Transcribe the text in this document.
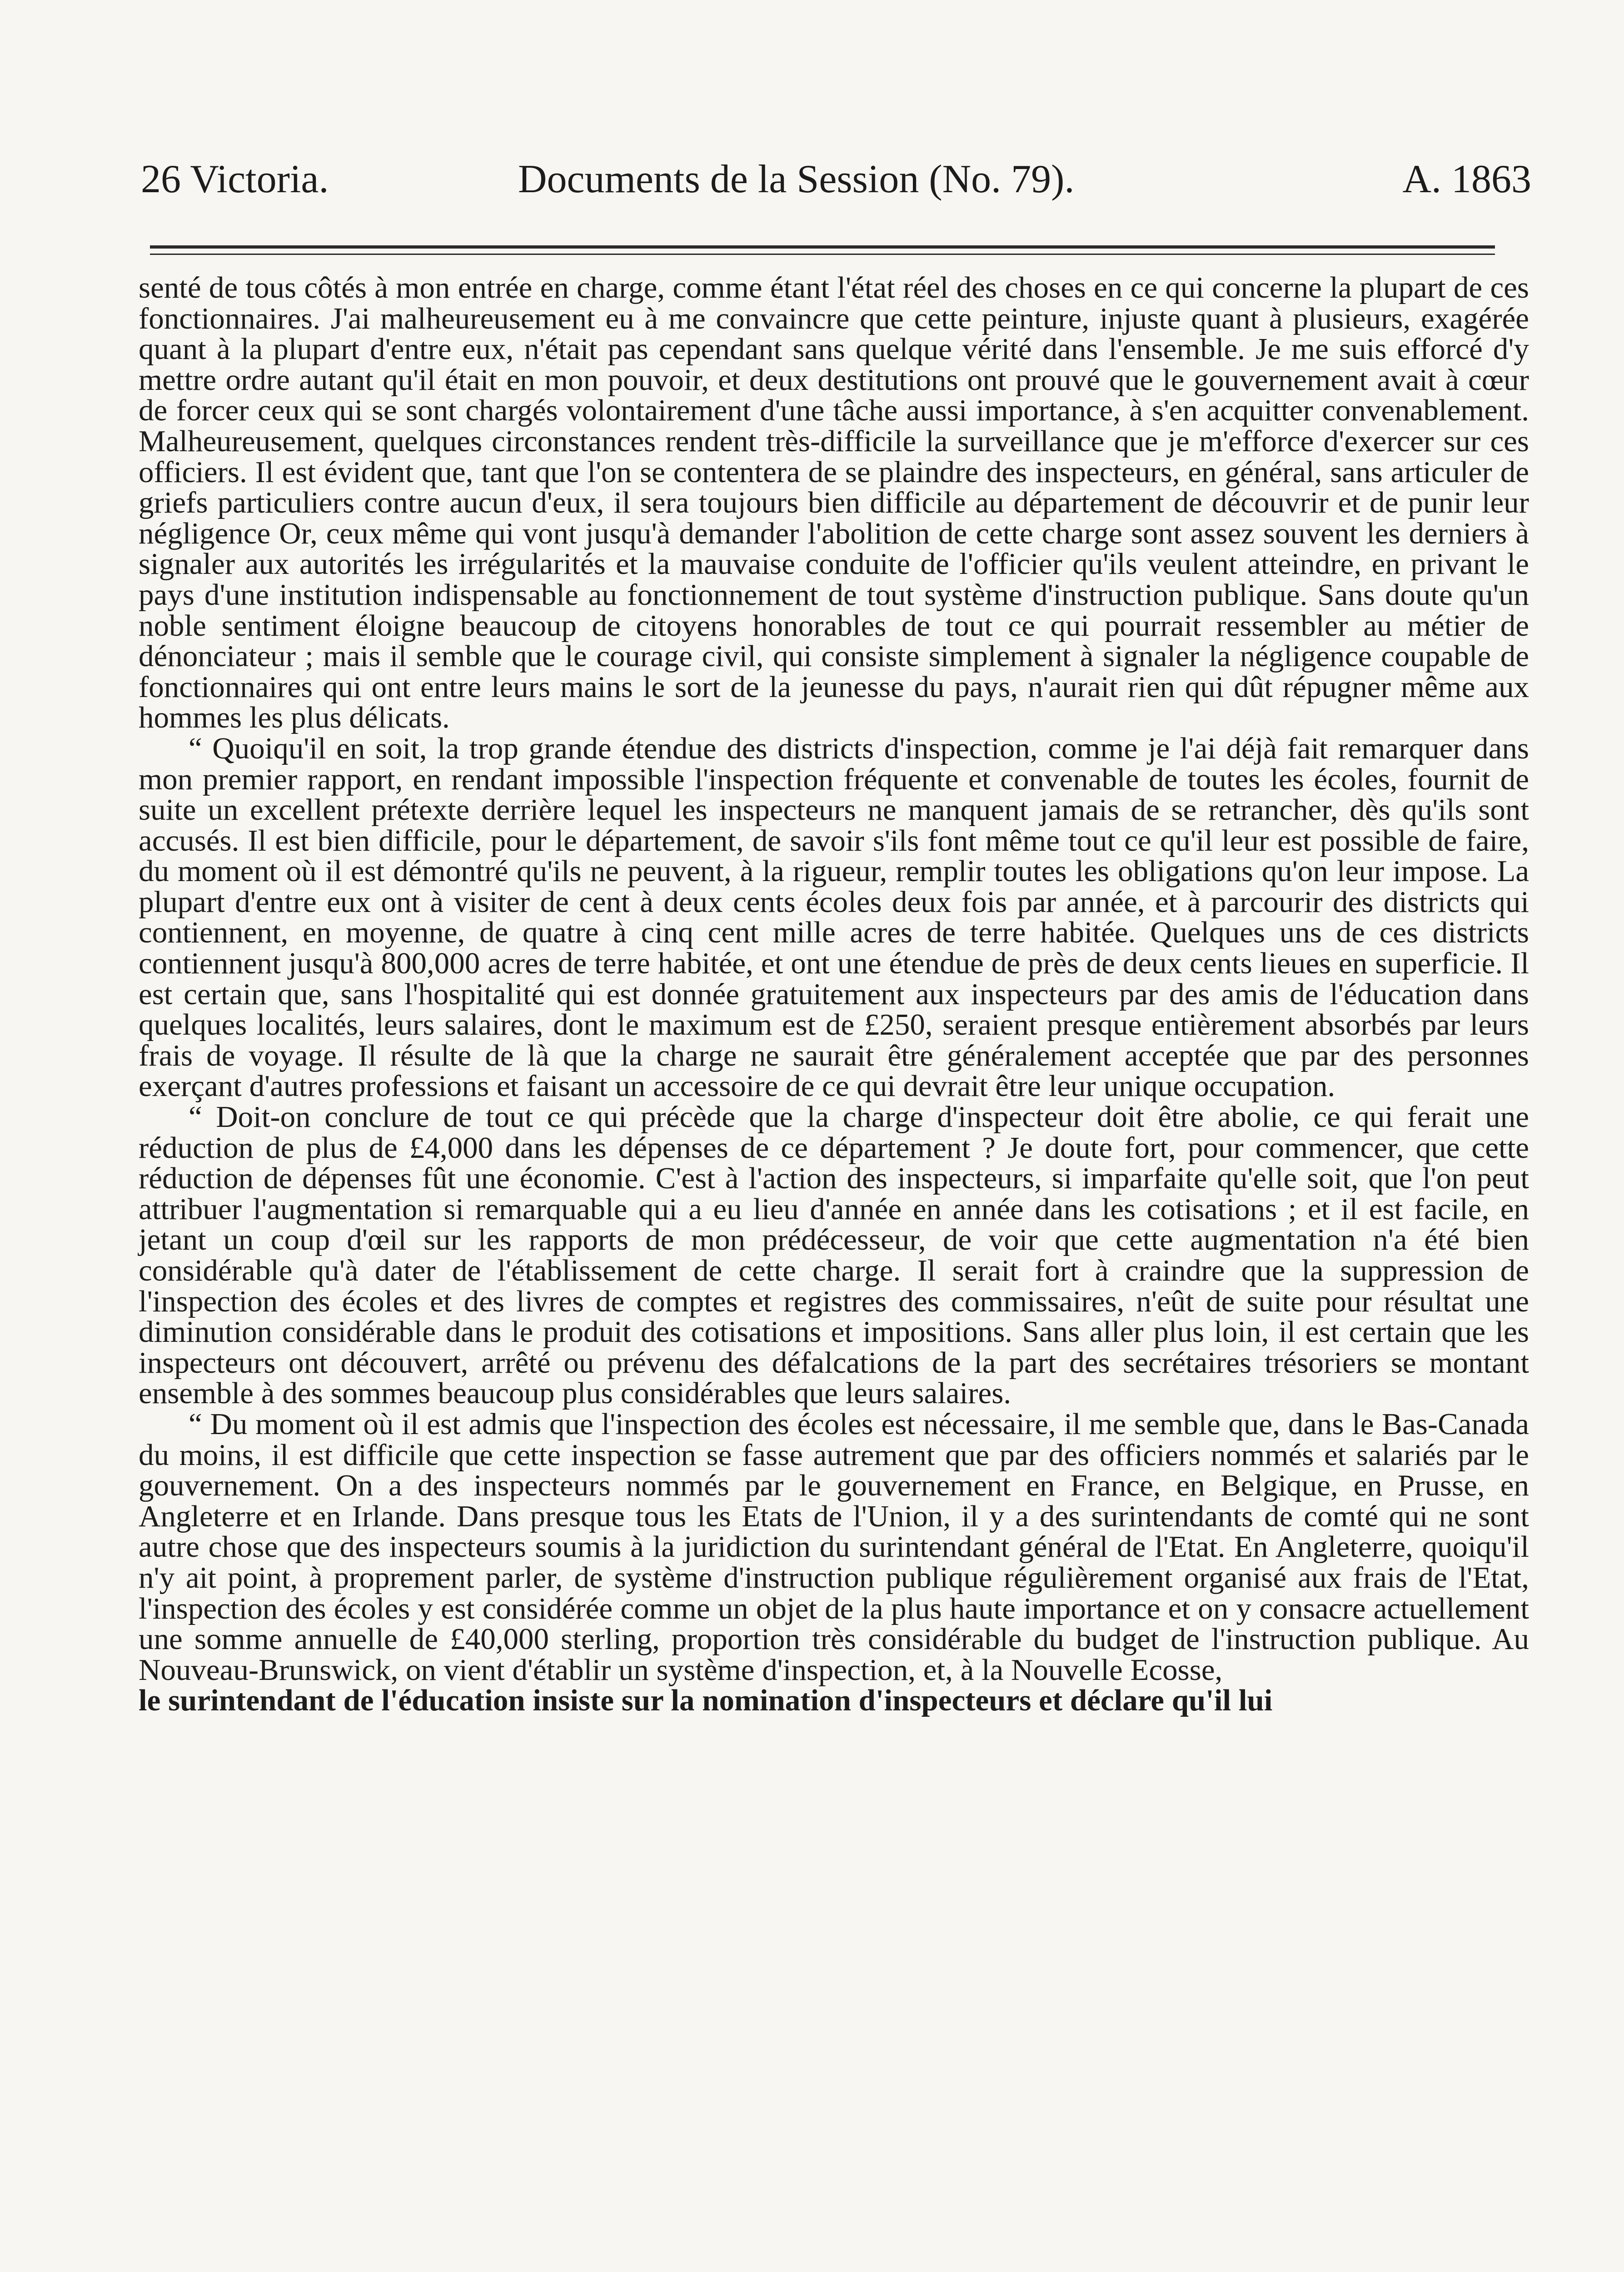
26 Victoria.	Documents de la Session (No. 79).	A. 1863

senté de tous côtés à mon entrée en charge, comme étant l'état réel des choses en ce qui concerne la plupart de ces fonctionnaires. J'ai malheureusement eu à me convaincre que cette peinture, injuste quant à plusieurs, exagérée quant à la plupart d'entre eux, n'était pas cependant sans quelque vérité dans l'ensemble. Je me suis efforcé d'y mettre ordre autant qu'il était en mon pouvoir, et deux destitutions ont prouvé que le gouvernement avait à cœur de forcer ceux qui se sont chargés volontairement d'une tâche aussi importance, à s'en acquitter convenablement. Malheureusement, quelques circonstances rendent très-difficile la surveillance que je m'efforce d'exercer sur ces officiers. Il est évident que, tant que l'on se contentera de se plaindre des inspecteurs, en général, sans articuler de griefs particuliers contre aucun d'eux, il sera toujours bien difficile au département de découvrir et de punir leur négligence Or, ceux même qui vont jusqu'à demander l'abolition de cette charge sont assez souvent les derniers à signaler aux autorités les irrégularités et la mauvaise conduite de l'officier qu'ils veulent atteindre, en privant le pays d'une institution indispensable au fonctionnement de tout système d'instruction publique. Sans doute qu'un noble sentiment éloigne beaucoup de citoyens honorables de tout ce qui pourrait ressembler au métier de dénonciateur ; mais il semble que le courage civil, qui consiste simplement à signaler la négligence coupable de fonctionnaires qui ont entre leurs mains le sort de la jeunesse du pays, n'aurait rien qui dût répugner même aux hommes les plus délicats.

“ Quoiqu'il en soit, la trop grande étendue des districts d'inspection, comme je l'ai déjà fait remarquer dans mon premier rapport, en rendant impossible l'inspection fréquente et convenable de toutes les écoles, fournit de suite un excellent prétexte derrière lequel les inspecteurs ne manquent jamais de se retrancher, dès qu'ils sont accusés. Il est bien difficile, pour le département, de savoir s'ils font même tout ce qu'il leur est possible de faire, du moment où il est démontré qu'ils ne peuvent, à la rigueur, remplir toutes les obligations qu'on leur impose. La plupart d'entre eux ont à visiter de cent à deux cents écoles deux fois par année, et à parcourir des districts qui contiennent, en moyenne, de quatre à cinq cent mille acres de terre habitée. Quelques uns de ces districts contiennent jusqu'à 800,000 acres de terre habitée, et ont une étendue de près de deux cents lieues en superficie. Il est certain que, sans l'hospitalité qui est donnée gratuitement aux inspecteurs par des amis de l'éducation dans quelques localités, leurs salaires, dont le maximum est de £250, seraient presque entièrement absorbés par leurs frais de voyage. Il résulte de là que la charge ne saurait être généralement acceptée que par des personnes exerçant d'autres professions et faisant un accessoire de ce qui devrait être leur unique occupation.

“ Doit-on conclure de tout ce qui précède que la charge d'inspecteur doit être abolie, ce qui ferait une réduction de plus de £4,000 dans les dépenses de ce département ? Je doute fort, pour commencer, que cette réduction de dépenses fût une économie. C'est à l'action des inspecteurs, si imparfaite qu'elle soit, que l'on peut attribuer l'augmentation si remarquable qui a eu lieu d'année en année dans les cotisations ; et il est facile, en jetant un coup d'œil sur les rapports de mon prédécesseur, de voir que cette augmentation n'a été bien considérable qu'à dater de l'établissement de cette charge. Il serait fort à craindre que la suppression de l'inspection des écoles et des livres de comptes et registres des commissaires, n'eût de suite pour résultat une diminution considérable dans le produit des cotisations et impositions. Sans aller plus loin, il est certain que les inspecteurs ont découvert, arrêté ou prévenu des défalcations de la part des secrétaires trésoriers se montant ensemble à des sommes beaucoup plus considérables que leurs salaires.

“ Du moment où il est admis que l'inspection des écoles est nécessaire, il me semble que, dans le Bas-Canada du moins, il est difficile que cette inspection se fasse autrement que par des officiers nommés et salariés par le gouvernement. On a des inspecteurs nommés par le gouvernement en France, en Belgique, en Prusse, en Angleterre et en Irlande. Dans presque tous les Etats de l'Union, il y a des surintendants de comté qui ne sont autre chose que des inspecteurs soumis à la juridiction du surintendant général de l'Etat. En Angleterre, quoiqu'il n'y ait point, à proprement parler, de système d'instruction publique régulièrement organisé aux frais de l'Etat, l'inspection des écoles y est considérée comme un objet de la plus haute importance et on y consacre actuellement une somme annuelle de £40,000 sterling, proportion très considérable du budget de l'instruction publique. Au Nouveau-Brunswick, on vient d'établir un système d'inspection, et, à la Nouvelle Ecosse,

le surintendant de l'éducation insiste sur la nomination d'inspecteurs et déclare qu'il lui
